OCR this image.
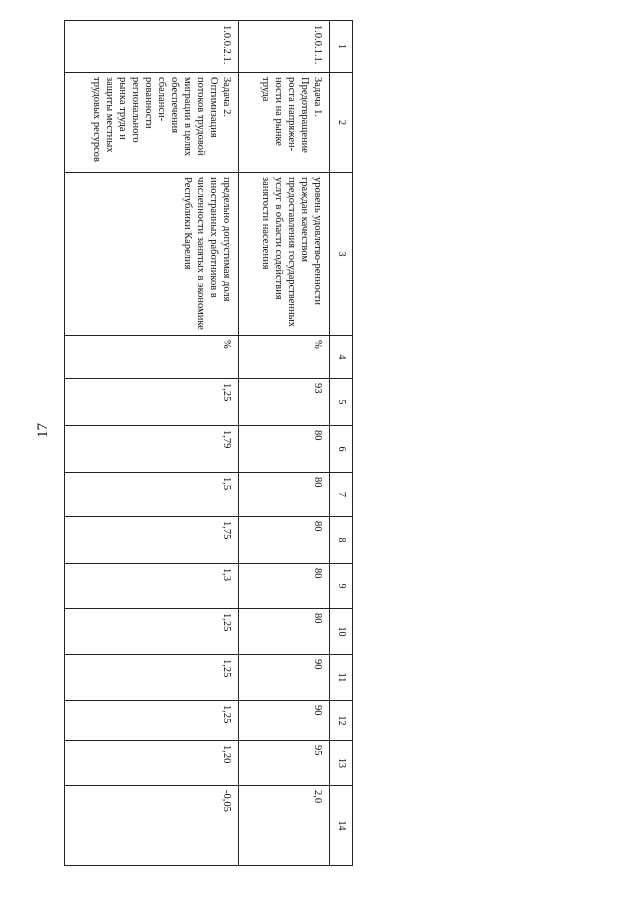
17
1	2	3	4	5	6	7	8	9	10	11	12	13	14
1.0.0.1.1.	Задача 1. Предотвращение роста напряжен-ности на рынке труда	уровень удовлетво-ренности граждан качеством предоставления государственных услуг в области содействия занятости населения	%	93	80	80	80	80	80	90	90	95	2,0
1.0.0.2.1.	Задача 2. Оптимизация потоков трудовой миграции в целях обеспечения сбаланси-рованности регионального рынка труда и защиты местных трудовых ресурсов	предельно допустимая доля иностранных работников в численности занятых в экономике Республики Карелия	%	1,25	1,79	1,5	1,75	1,3	1,25	1,25	1,25	1,20	-0,05
